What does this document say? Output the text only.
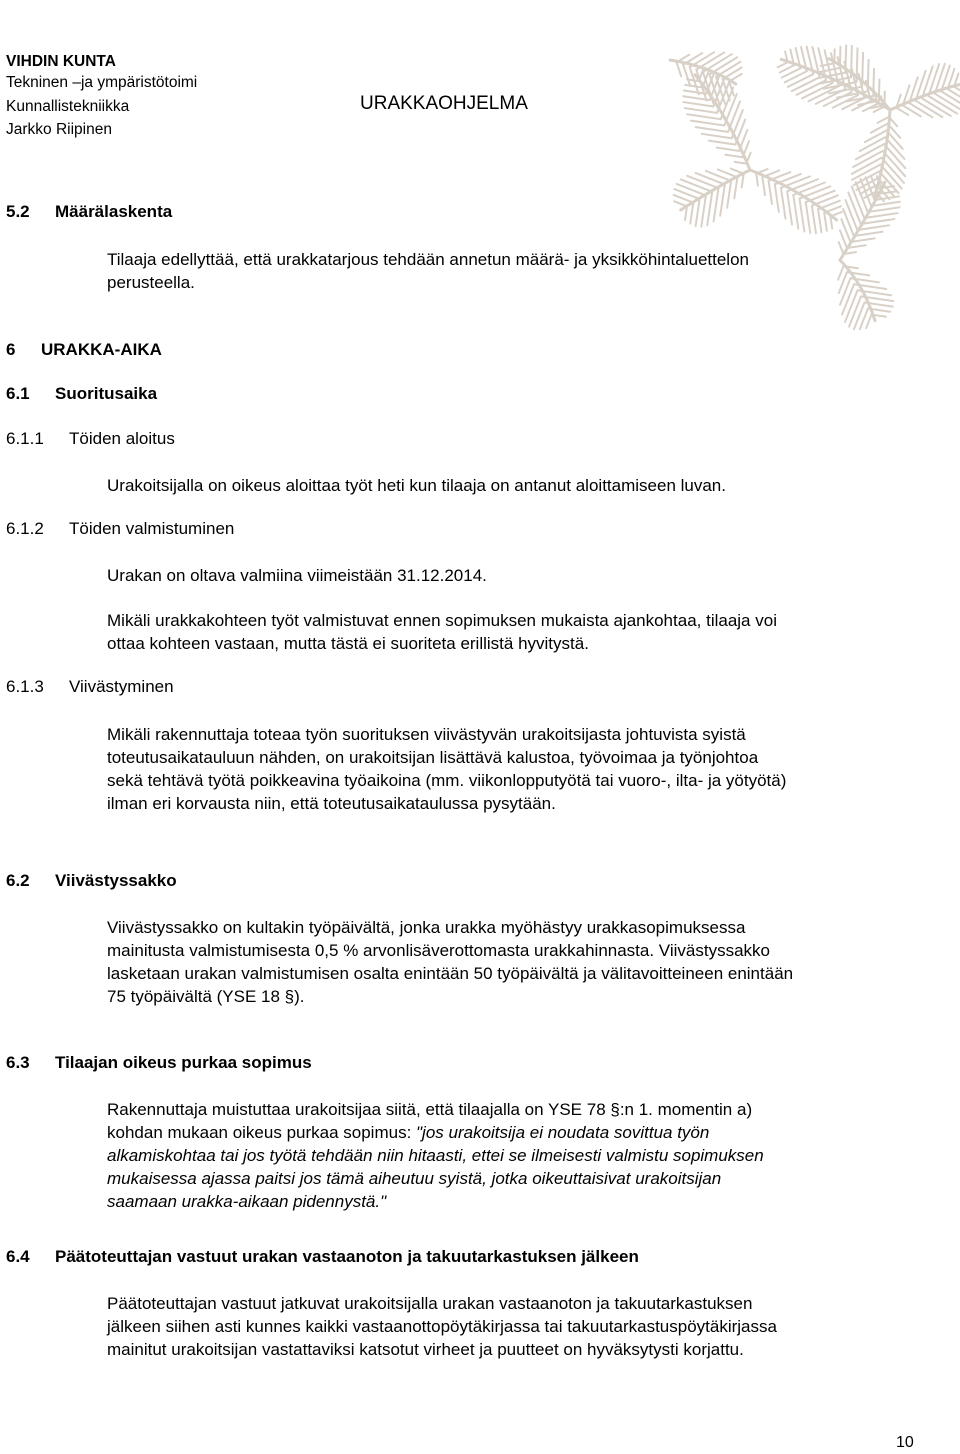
VIHDIN KUNTA
Tekninen –ja ympäristötoimi
Kunnallistekniikka
Jarkko Riipinen
URAKKAOHJELMA
5.2 Määrälaskenta
Tilaaja edellyttää, että urakkatarjous tehdään annetun määrä- ja yksikköhintaluettelon
perusteella.
6 URAKKA-AIKA
6.1 Suoritusaika
6.1.1 Töiden aloitus
Urakoitsijalla on oikeus aloittaa työt heti kun tilaaja on antanut aloittamiseen luvan.
6.1.2 Töiden valmistuminen
Urakan on oltava valmiina viimeistään 31.12.2014.
Mikäli urakkakohteen työt valmistuvat ennen sopimuksen mukaista ajankohtaa, tilaaja voi
ottaa kohteen vastaan, mutta tästä ei suoriteta erillistä hyvitystä.
6.1.3 Viivästyminen
Mikäli rakennuttaja toteaa työn suorituksen viivästyvän urakoitsijasta johtuvista syistä
toteutusaikatauluun nähden, on urakoitsijan lisättävä kalustoa, työvoimaa ja työnjohtoa
sekä tehtävä työtä poikkeavina työaikoina (mm. viikonlopputyötä tai vuoro-, ilta- ja yötyötä)
ilman eri korvausta niin, että toteutusaikataulussa pysytään.
6.2 Viivästyssakko
Viivästyssakko on kultakin työpäivältä, jonka urakka myöhästyy urakkasopimuksessa
mainitusta valmistumisesta 0,5 % arvonlisäverottomasta urakkahinnasta. Viivästyssakko
lasketaan urakan valmistumisen osalta enintään 50 työpäivältä ja välitavoitteineen enintään
75 työpäivältä (YSE 18 §).
6.3 Tilaajan oikeus purkaa sopimus
Rakennuttaja muistuttaa urakoitsijaa siitä, että tilaajalla on YSE 78 §:n 1. momentin a)
kohdan mukaan oikeus purkaa sopimus: "jos urakoitsija ei noudata sovittua työn
alkamiskohtaa tai jos työtä tehdään niin hitaasti, ettei se ilmeisesti valmistu sopimuksen
mukaisessa ajassa paitsi jos tämä aiheutuu syistä, jotka oikeuttaisivat urakoitsijan
saamaan urakka-aikaan pidennystä."
6.4 Päätoteuttajan vastuut urakan vastaanoton ja takuutarkastuksen jälkeen
Päätoteuttajan vastuut jatkuvat urakoitsijalla urakan vastaanoton ja takuutarkastuksen
jälkeen siihen asti kunnes kaikki vastaanottopöytäkirjassa tai takuutarkastuspöytäkirjassa
mainitut urakoitsijan vastattaviksi katsotut virheet ja puutteet on hyväksytysti korjattu.
10
